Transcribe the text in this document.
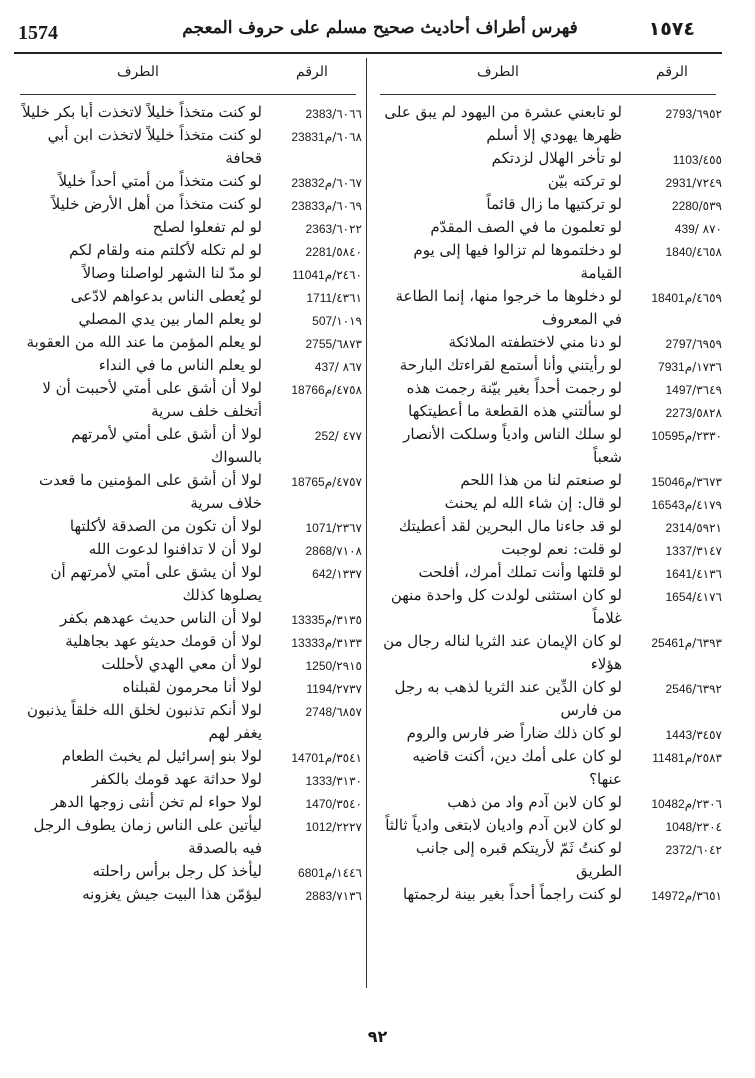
1574	فهرس أطراف أحاديث صحيح مسلم على حروف المعجم	١٥٧٤
الرقم
الطرف
٦٩٥٢/2793
لو تابعني عشرة من اليهود لم يبق على ظهرها يهودي إلا أسلم
٤٥٥/1103
لو تأخر الهلال لزدتكم
٧٢٤٩/2931
لو تركته بيّن
٥٣٩/2280
لو تركتيها ما زال قائماً
٨٧٠ /439
لو تعلمون ما في الصف المقدّم
٤٦٥٨/1840
لو دخلتموها لم تزالوا فيها إلى يوم القيامة
٤٦٥٩/1840م1
لو دخلوها ما خرجوا منها، إنما الطاعة في المعروف
٦٩٥٩/2797
لو دنا مني لاختطفته الملائكة
١٧٣٦/793م1
لو رأيتني وأنا أستمع لقراءتك البارحة
٣٦٤٩/1497
لو رجمت أحداً بغير بيّنة رجمت هذه
٥٨٢٨/2273
لو سألتني هذه القطعة ما أعطيتكها
٢٣٣٠/1059م5
لو سلك الناس وادياً وسلكت الأنصار شعباً
٣٦٧٣/1504م6
لو صنعتم لنا من هذا اللحم
٤١٧٩/1654م3
لو قال: إن شاء الله لم يحنث
٥٩٢١/2314
لو قد جاءنا مال البحرين لقد أعطيتك
٣١٤٧/1337
لو قلت: نعم لوجبت
٤١٣٦/1641
لو قلتها وأنت تملك أمرك، أفلحت
٤١٧٦/1654
لو كان استثنى لولدت كل واحدة منهن غلاماً
٦٣٩٣/2546م1
لو كان الإيمان عند الثريا لناله رجال من هؤلاء
٦٣٩٢/2546
لو كان الدِّين عند الثريا لذهب به رجل من فارس
٣٤٥٧/1443
لو كان ذلك ضاراً ضر فارس والروم
٢٥٨٣/1148م1
لو كان على أمك دين، أكنت قاضيه عنها؟
٢٣٠٦/1048م2
لو كان لابن آدم واد من ذهب
٢٣٠٤/1048
لو كان لابن آدم واديان لابتغى وادياً ثالثاً
٦٠٤٢/2372
لو كنتُ ثَمّ لأريتكم قبره إلى جانب الطريق
٣٦٥١/1497م2
لو كنت راجماً أحداً بغير بينة لرجمتها
الرقم
الطرف
٦٠٦٦/2383
لو كنت متخذاً خليلاً لاتخذت أبا بكر خليلاً
٦٠٦٨/2383م1
لو كنت متخذاً خليلاً لاتخذت ابن أبي قحافة
٦٠٦٧/2383م2
لو كنت متخذاً من أمتي أحداً خليلاً
٦٠٦٩/2383م3
لو كنت متخذاً من أهل الأرض خليلاً
٦٠٢٢/2363
لو لم تفعلوا لصلح
٥٨٤٠/2281
لو لم تكله لأكلتم منه ولقام لكم
٢٤٦٠/1104م1
لو مدّ لنا الشهر لواصلنا وصالاً
٤٣٦١/1711
لو يُعطى الناس بدعواهم لادّعى
١٠١٩/507
لو يعلم المار بين يدي المصلي
٦٨٧٣/2755
لو يعلم المؤمن ما عند الله من العقوبة
٨٦٧ /437
لو يعلم الناس ما في النداء
٤٧٥٨/1876م6
لولا أن أشق على أمتي لأحببت أن لا أتخلف خلف سرية
٤٧٧ /252
لولا أن أشق على أمتي لأمرتهم بالسواك
٤٧٥٧/1876م5
لولا أن أشق على المؤمنين ما قعدت خلاف سرية
٢٣٦٧/1071
لولا أن تكون من الصدقة لأكلتها
٧١٠٨/2868
لولا أن لا تدافنوا لدعوت الله
١٣٣٧/642
لولا أن يشق على أمتي لأمرتهم أن يصلوها كذلك
٣١٣٥/1333م5
لولا أن الناس حديث عهدهم بكفر
٣١٣٣/1333م3
لولا أن قومك حديثو عهد بجاهلية
٢٩١٥/1250
لولا أن معي الهدي لأحللت
٢٧٣٧/1194
لولا أنا محرمون لقبلناه
٦٨٥٧/2748
لولا أنكم تذنبون لخلق الله خلقاً يذنبون يغفر لهم
٣٥٤١/1470م1
لولا بنو إسرائيل لم يخبث الطعام
٣١٣٠/1333
لولا حداثة عهد قومك بالكفر
٣٥٤٠/1470
لولا حواء لم تخن أنثى زوجها الدهر
٢٢٢٧/1012
ليأتين على الناس زمان يطوف الرجل فيه بالصدقة
١٤٤٦/680م1
ليأخذ كل رجل برأس راحلته
٧١٣٦/2883
ليؤمّن هذا البيت جيش يغزونه
٩٢
